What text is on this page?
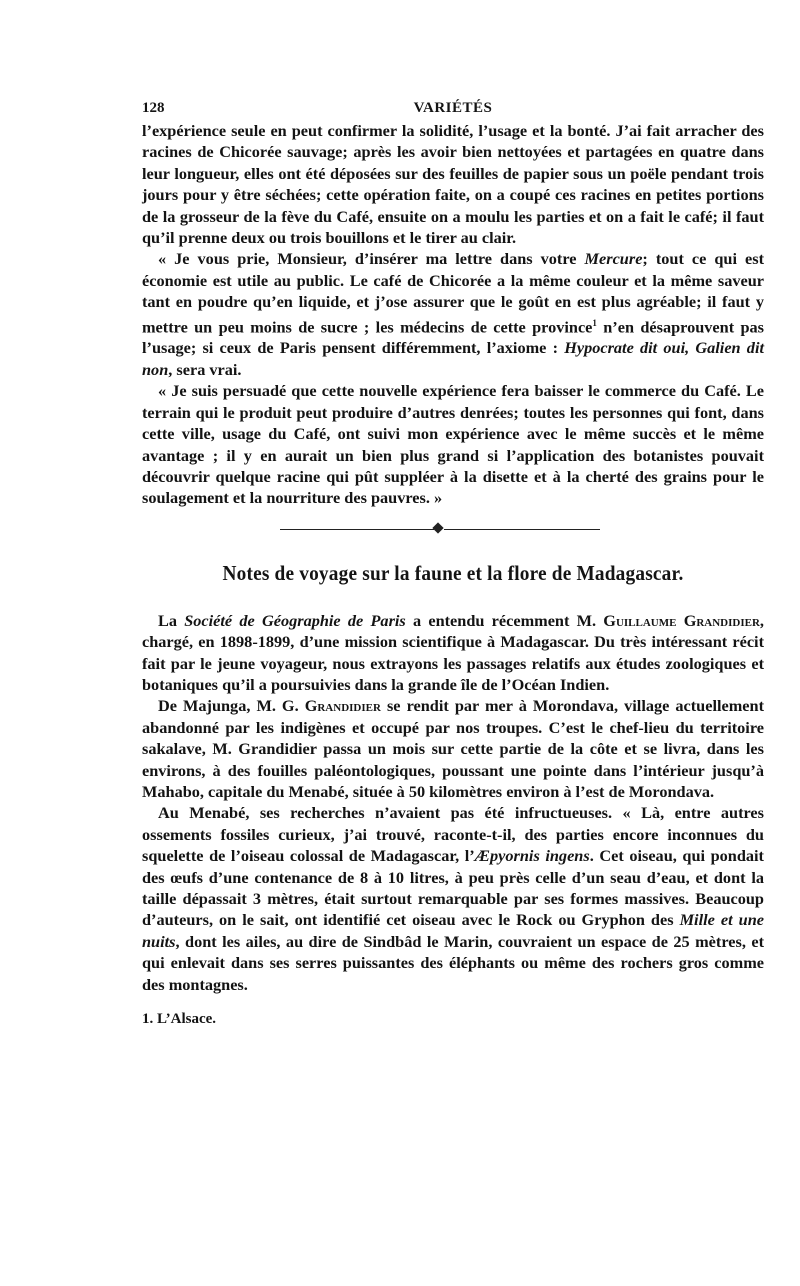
128	VARIÉTÉS

l’expérience seule en peut confirmer la solidité, l’usage et la bonté. J’ai fait arracher des racines de Chicorée sauvage; après les avoir bien nettoyées et partagées en quatre dans leur longueur, elles ont été déposées sur des feuilles de papier sous un poële pendant trois jours pour y être séchées; cette opération faite, on a coupé ces racines en petites portions de la grosseur de la fève du Café, ensuite on a moulu les parties et on a fait le café; il faut qu’il prenne deux ou trois bouillons et le tirer au clair.

« Je vous prie, Monsieur, d’insérer ma lettre dans votre Mercure; tout ce qui est économie est utile au public. Le café de Chicorée a la même couleur et la même saveur tant en poudre qu’en liquide, et j’ose assurer que le goût en est plus agréable; il faut y mettre un peu moins de sucre ; les médecins de cette province$^1$ n’en désaprouvent pas l’usage; si ceux de Paris pensent différemment, l’axiome : Hypocrate dit oui, Galien dit non, sera vrai.

« Je suis persuadé que cette nouvelle expérience fera baisser le commerce du Café. Le terrain qui le produit peut produire d’autres denrées; toutes les personnes qui font, dans cette ville, usage du Café, ont suivi mon expérience avec le même succès et le même avantage ; il y en aurait un bien plus grand si l’application des botanistes pouvait découvrir quelque racine qui pût suppléer à la disette et à la cherté des grains pour le soulagement et la nourriture des pauvres. »

Notes de voyage sur la faune et la flore de Madagascar.

La Société de Géographie de Paris a entendu récemment M. Guillaume Grandidier, chargé, en 1898-1899, d’une mission scientifique à Madagascar. Du très intéressant récit fait par le jeune voyageur, nous extrayons les passages relatifs aux études zoologiques et botaniques qu’il a poursuivies dans la grande île de l’Océan Indien.

De Majunga, M. G. Grandidier se rendit par mer à Morondava, village actuellement abandonné par les indigènes et occupé par nos troupes. C’est le chef-lieu du territoire sakalave, M. Grandidier passa un mois sur cette partie de la côte et se livra, dans les environs, à des fouilles paléontologiques, poussant une pointe dans l’intérieur jusqu’à Mahabo, capitale du Menabé, située à 50 kilomètres environ à l’est de Morondava.

Au Menabé, ses recherches n’avaient pas été infructueuses. « Là, entre autres ossements fossiles curieux, j’ai trouvé, raconte-t-il, des parties encore inconnues du squelette de l’oiseau colossal de Madagascar, l’Æpyornis ingens. Cet oiseau, qui pondait des œufs d’une contenance de 8 à 10 litres, à peu près celle d’un seau d’eau, et dont la taille dépassait 3 mètres, était surtout remarquable par ses formes massives. Beaucoup d’auteurs, on le sait, ont identifié cet oiseau avec le Rock ou Gryphon des Mille et une nuits, dont les ailes, au dire de Sindbâd le Marin, couvraient un espace de 25 mètres, et qui enlevait dans ses serres puissantes des éléphants ou même des rochers gros comme des montagnes.

1. L’Alsace.
